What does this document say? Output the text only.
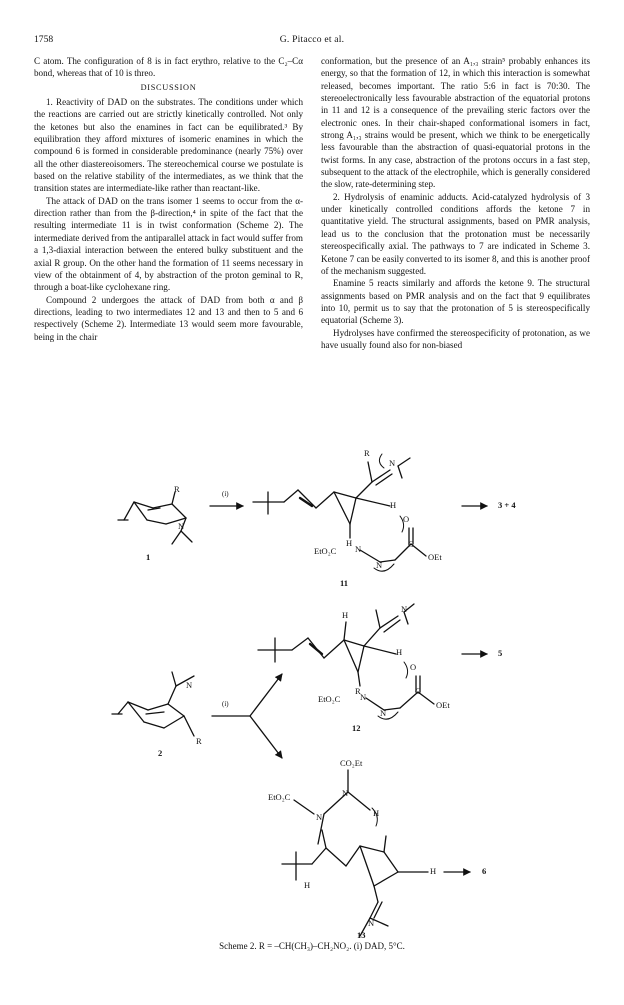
1758	G. Pitacco et al.

C atom. The configuration of 8 is in fact erythro, relative to the C₂–Cα bond, whereas that of 10 is threo.

DISCUSSION

1. Reactivity of DAD on the substrates. The conditions under which the reactions are carried out are strictly kinetically controlled. Not only the ketones but also the enamines in fact can be equilibrated.³ By equilibration they afford mixtures of isomeric enamines in which the compound 6 is formed in considerable predominance (nearly 75%) over all the other diastereoisomers. The stereochemical course we postulate is based on the relative stability of the intermediates, as we think that the transition states are intermediate-like rather than reactant-like.

The attack of DAD on the trans isomer 1 seems to occur from the α-direction rather than from the β-direction,⁴ in spite of the fact that the resulting intermediate 11 is in twist conformation (Scheme 2). The intermediate derived from the antiparallel attack in fact would suffer from a 1,3-diaxial interaction between the entered bulky substituent and the axial R group. On the other hand the formation of 11 seems necessary in view of the obtainment of 4, by abstraction of the proton geminal to R, through a boat-like cyclohexane ring.

Compound 2 undergoes the attack of DAD from both α and β directions, leading to two intermediates 12 and 13 and then to 5 and 6 respectively (Scheme 2). Intermediate 13 would seem more favourable, being in the chair

conformation, but the presence of an A₁,₃ strain⁵ probably enhances its energy, so that the formation of 12, in which this interaction is somewhat released, becomes important. The ratio 5:6 in fact is 70:30. The stereoelectronically less favourable abstraction of the equatorial protons in 11 and 12 is a consequence of the prevailing steric factors over the electronic ones. In their chair-shaped conformational isomers in fact, strong A₁,₃ strains would be present, which we think to be energetically less favourable than the abstraction of quasi-equatorial protons in the twist forms. In any case, abstraction of the protons occurs in a fast step, subsequent to the attack of the electrophile, which is generally considered the slow, rate-determining step.

2. Hydrolysis of enaminic adducts. Acid-catalyzed hydrolysis of 3 under kinetically controlled conditions affords the ketone 7 in quantitative yield. The structural assignments, based on PMR analysis, lead us to the conclusion that the protonation must be necessarily stereospecifically axial. The pathways to 7 are indicated in Scheme 3. Ketone 7 can be easily converted to its isomer 8, and this is another proof of the mechanism suggested.

Enamine 5 reacts similarly and affords the ketone 9. The structural assignments based on PMR analysis and on the fact that 9 equilibrates into 10, permit us to say that the protonation of 5 is stereospecifically equatorial (Scheme 3).

Hydrolyses have confirmed the stereospecificity of protonation, as we have usually found also for non-biased

R
N
1
(i)
R
N
H
O
H
EtO₂C N
N
C
OEt
11
3 + 4
H
N
H
O
R
EtO₂C N
N
C
OEt
12
5
N
R
2
(i)
CO₂Et
N
EtO₂C
N	H
H
H
N
6
13
Scheme 2. R = –CH(CH₃)–CH₂NO₂. (i) DAD, 5°C.
